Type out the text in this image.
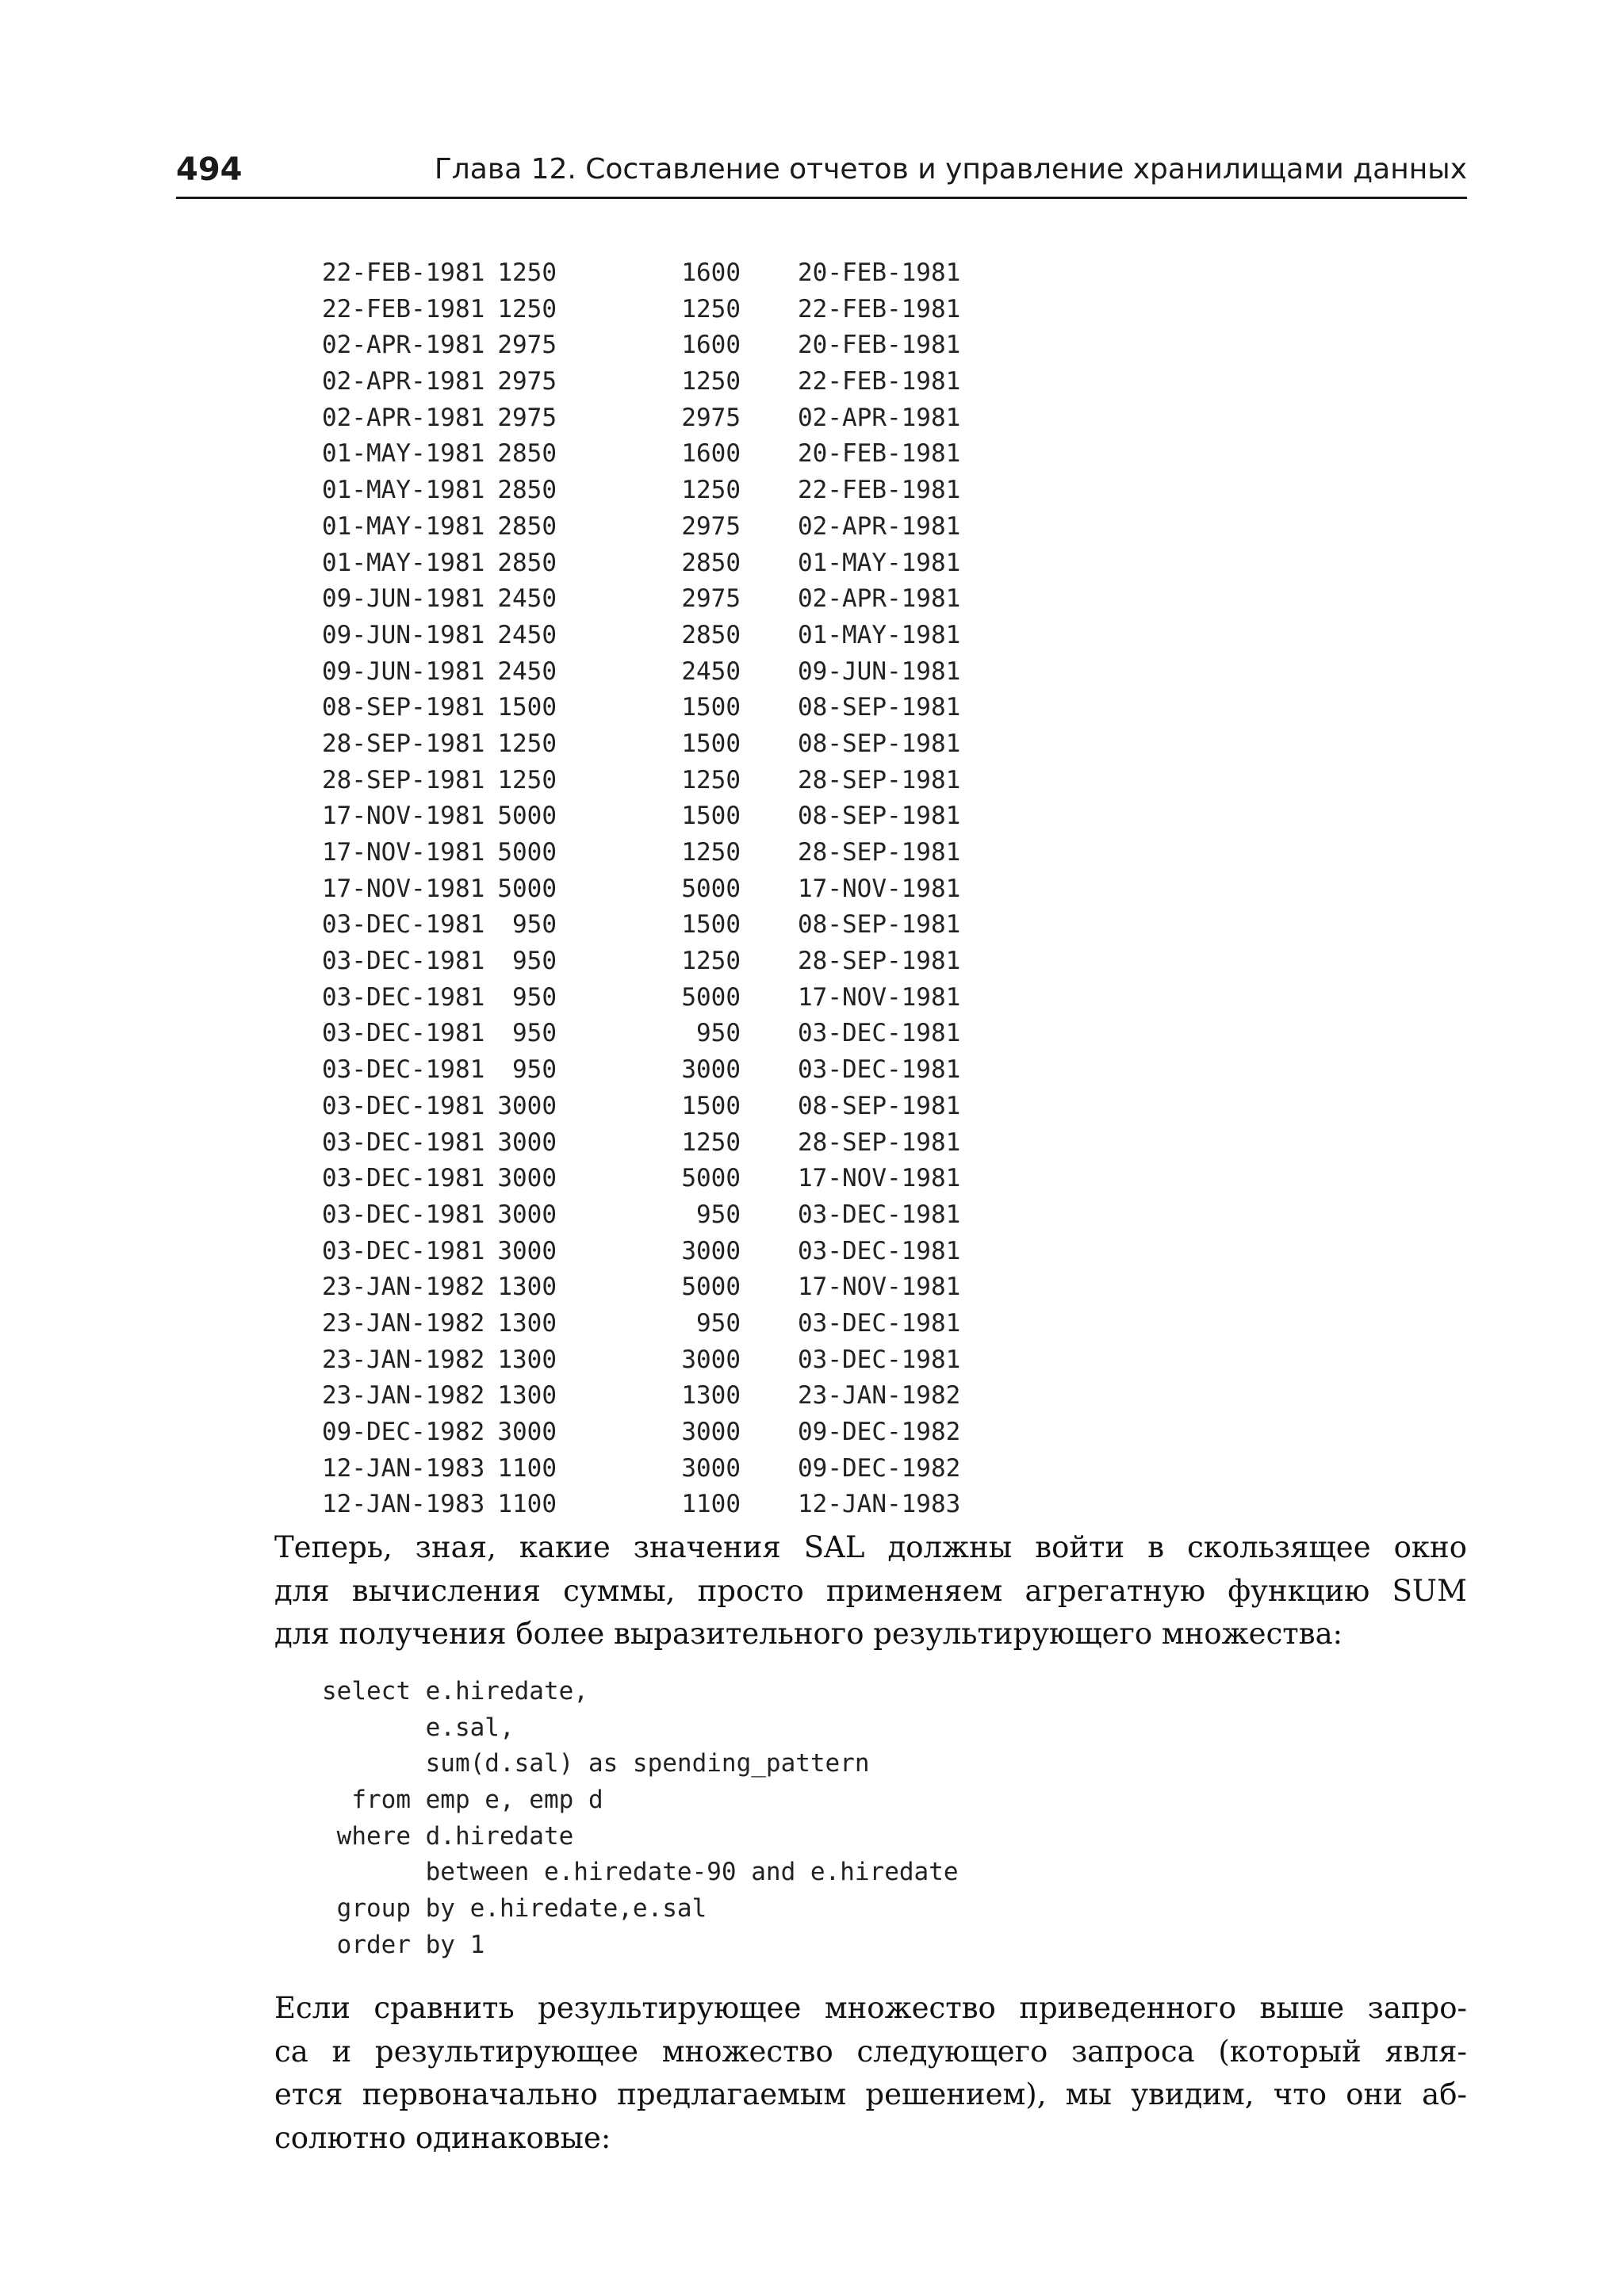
494	Глава 12. Составление отчетов и управление хранилищами данных
22-FEB-1981 1250	1600 20-FEB-1981
22-FEB-1981 1250	1250 22-FEB-1981
02-APR-1981 2975	1600 20-FEB-1981
02-APR-1981 2975	1250 22-FEB-1981
02-APR-1981 2975	2975 02-APR-1981
01-MAY-1981 2850	1600 20-FEB-1981
01-MAY-1981 2850	1250 22-FEB-1981
01-MAY-1981 2850	2975 02-APR-1981
01-MAY-1981 2850	2850 01-MAY-1981
09-JUN-1981 2450	2975 02-APR-1981
09-JUN-1981 2450	2850 01-MAY-1981
09-JUN-1981 2450	2450 09-JUN-1981
08-SEP-1981 1500	1500 08-SEP-1981
28-SEP-1981 1250	1500 08-SEP-1981
28-SEP-1981 1250	1250 28-SEP-1981
17-NOV-1981 5000	1500 08-SEP-1981
17-NOV-1981 5000	1250 28-SEP-1981
17-NOV-1981 5000	5000 17-NOV-1981
03-DEC-1981	950	1500 08-SEP-1981
03-DEC-1981	950	1250 28-SEP-1981
03-DEC-1981	950	5000 17-NOV-1981
03-DEC-1981	950	950 03-DEC-1981
03-DEC-1981	950	3000 03-DEC-1981
03-DEC-1981 3000	1500 08-SEP-1981
03-DEC-1981 3000	1250 28-SEP-1981
03-DEC-1981 3000	5000 17-NOV-1981
03-DEC-1981 3000	950 03-DEC-1981
03-DEC-1981 3000	3000 03-DEC-1981
23-JAN-1982 1300	5000 17-NOV-1981
23-JAN-1982 1300	950 03-DEC-1981
23-JAN-1982 1300	3000 03-DEC-1981
23-JAN-1982 1300	1300 23-JAN-1982
09-DEC-1982 3000	3000 09-DEC-1982
12-JAN-1983 1100	3000 09-DEC-1982
12-JAN-1983 1100	1100 12-JAN-1983
Теперь, зная, какие значения SAL должны войти в скользящее окно
для вычисления суммы, просто применяем агрегатную функцию SUM
для получения более выразительного результирующего множества:
select e.hiredate,
e.sal,
sum(d.sal) as spending_pattern
from emp e, emp d
where d.hiredate
between e.hiredate-90 and e.hiredate
group by e.hiredate,e.sal
order by 1
Если сравнить результирующее множество приведенного выше запро-
са и результирующее множество следующего запроса (который явля-
ется первоначально предлагаемым решением), мы увидим, что они аб-
солютно одинаковые:
